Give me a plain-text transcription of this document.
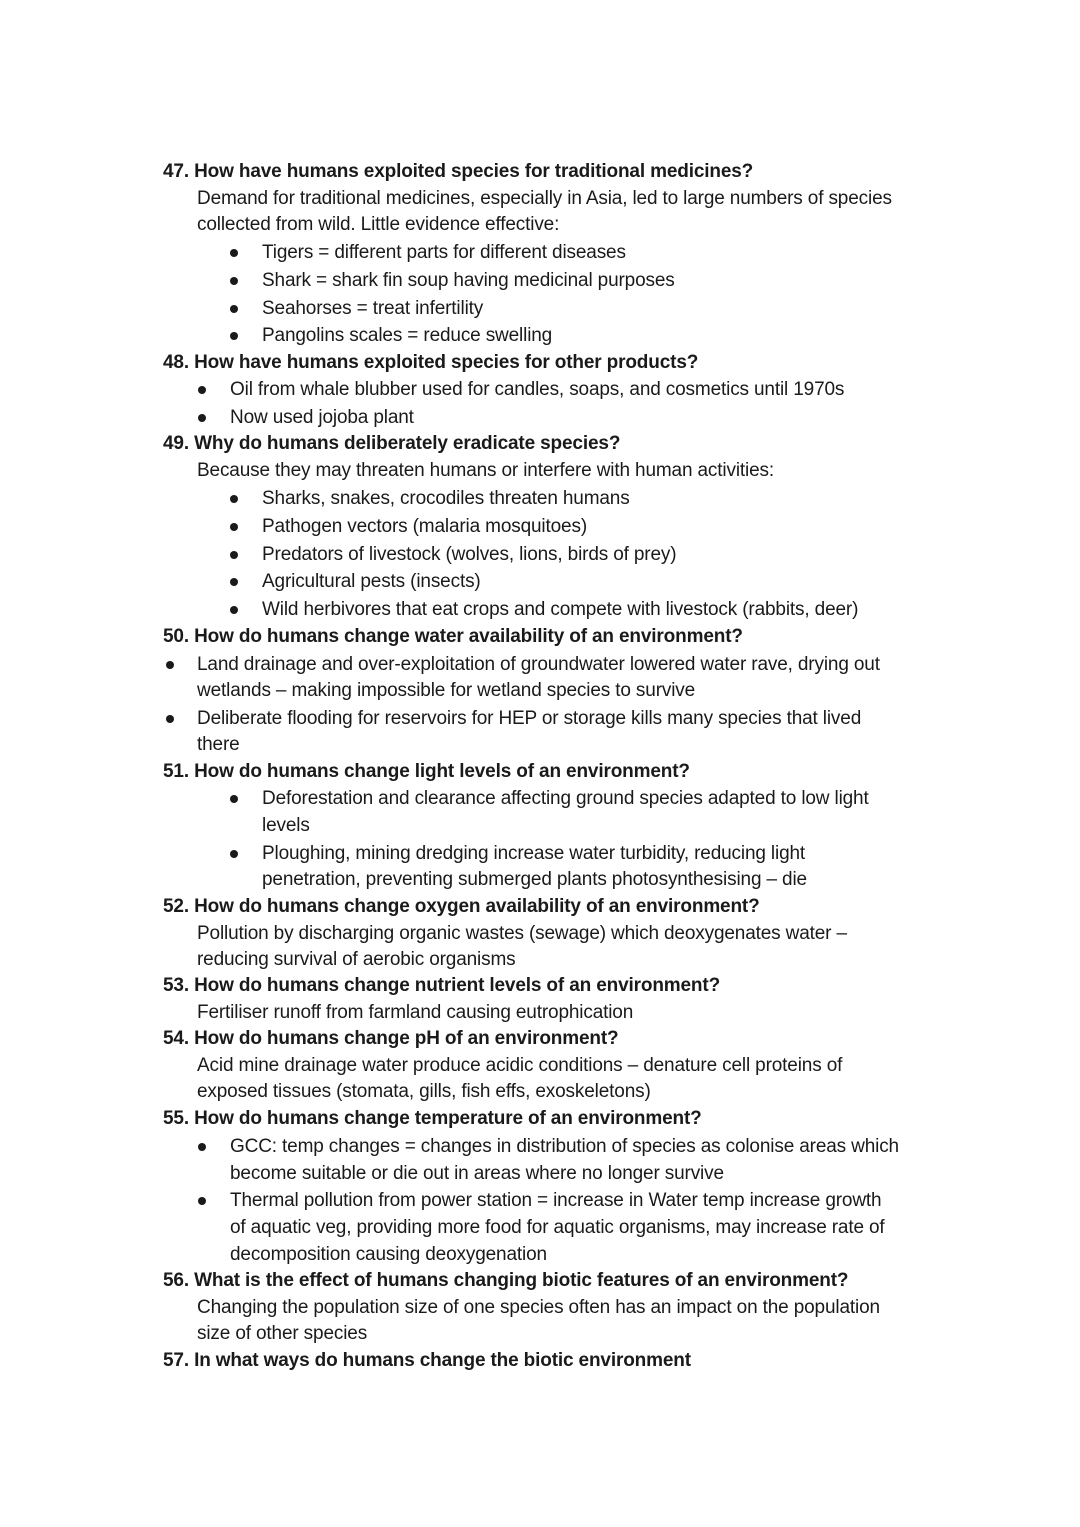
47. How have humans exploited species for traditional medicines?
Demand for traditional medicines, especially in Asia, led to large numbers of species
collected from wild. Little evidence effective:
Tigers = different parts for different diseases
Shark = shark fin soup having medicinal purposes
Seahorses = treat infertility
Pangolins scales = reduce swelling
48. How have humans exploited species for other products?
Oil from whale blubber used for candles, soaps, and cosmetics until 1970s
Now used jojoba plant
49. Why do humans deliberately eradicate species?
Because they may threaten humans or interfere with human activities:
Sharks, snakes, crocodiles threaten humans
Pathogen vectors (malaria mosquitoes)
Predators of livestock (wolves, lions, birds of prey)
Agricultural pests (insects)
Wild herbivores that eat crops and compete with livestock (rabbits, deer)
50. How do humans change water availability of an environment?
Land drainage and over-exploitation of groundwater lowered water rave, drying out
wetlands – making impossible for wetland species to survive
Deliberate flooding for reservoirs for HEP or storage kills many species that lived
there
51. How do humans change light levels of an environment?
Deforestation and clearance affecting ground species adapted to low light
levels
Ploughing, mining dredging increase water turbidity, reducing light
penetration, preventing submerged plants photosynthesising – die
52. How do humans change oxygen availability of an environment?
Pollution by discharging organic wastes (sewage) which deoxygenates water –
reducing survival of aerobic organisms
53. How do humans change nutrient levels of an environment?
Fertiliser runoff from farmland causing eutrophication
54. How do humans change pH of an environment?
Acid mine drainage water produce acidic conditions – denature cell proteins of
exposed tissues (stomata, gills, fish effs, exoskeletons)
55. How do humans change temperature of an environment?
GCC: temp changes = changes in distribution of species as colonise areas which
become suitable or die out in areas where no longer survive
Thermal pollution from power station = increase in Water temp increase growth
of aquatic veg, providing more food for aquatic organisms, may increase rate of
decomposition causing deoxygenation
56. What is the effect of humans changing biotic features of an environment?
Changing the population size of one species often has an impact on the population
size of other species
57. In what ways do humans change the biotic environment
